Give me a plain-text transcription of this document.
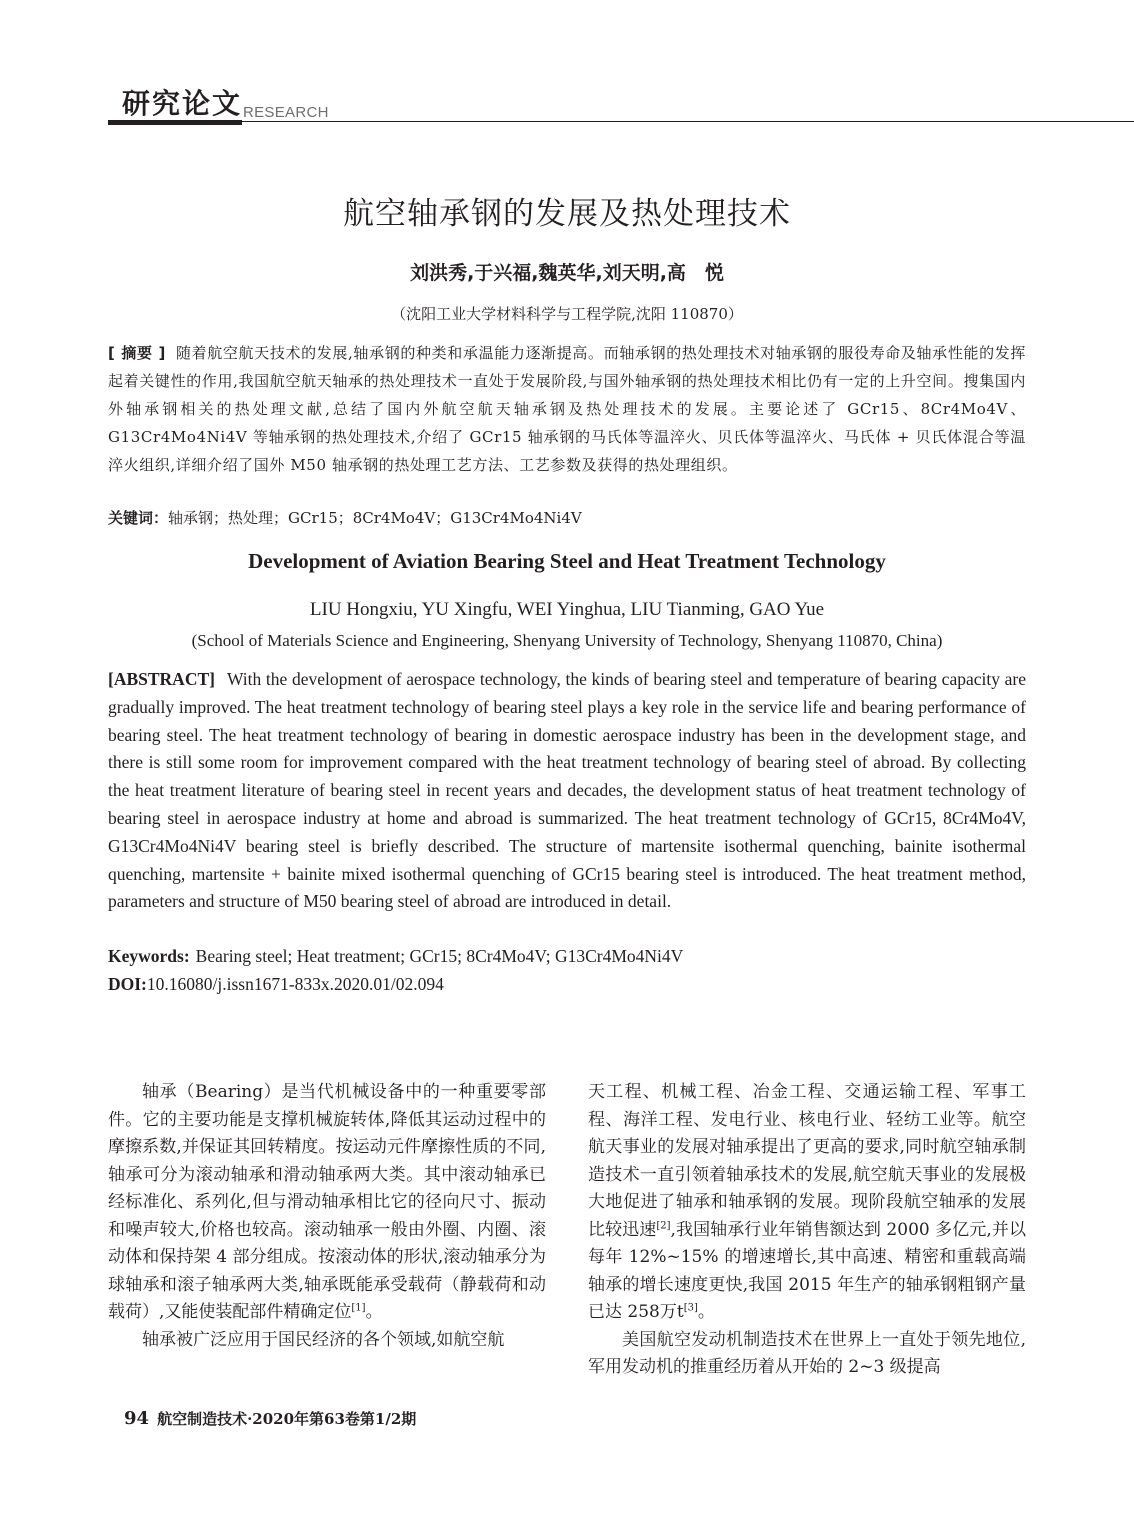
研究论文 RESEARCH
航空轴承钢的发展及热处理技术
刘洪秀,于兴福,魏英华,刘天明,高　悦
（沈阳工业大学材料科学与工程学院,沈阳 110870）
[ 摘要 ] 随着航空航天技术的发展,轴承钢的种类和承温能力逐渐提高。而轴承钢的热处理技术对轴承钢的服役寿命及轴承性能的发挥起着关键性的作用,我国航空航天轴承的热处理技术一直处于发展阶段,与国外轴承钢的热处理技术相比仍有一定的上升空间。搜集国内外轴承钢相关的热处理文献,总结了国内外航空航天轴承钢及热处理技术的发展。主要论述了 GCr15、8Cr4Mo4V、G13Cr4Mo4Ni4V 等轴承钢的热处理技术,介绍了 GCr15 轴承钢的马氏体等温淬火、贝氏体等温淬火、马氏体 + 贝氏体混合等温淬火组织,详细介绍了国外 M50 轴承钢的热处理工艺方法、工艺参数及获得的热处理组织。
关键词：轴承钢；热处理；GCr15；8Cr4Mo4V；G13Cr4Mo4Ni4V
Development of Aviation Bearing Steel and Heat Treatment Technology
LIU Hongxiu, YU Xingfu, WEI Yinghua, LIU Tianming, GAO Yue
(School of Materials Science and Engineering, Shenyang University of Technology, Shenyang 110870, China)
[ABSTRACT] With the development of aerospace technology, the kinds of bearing steel and temperature of bearing capacity are gradually improved. The heat treatment technology of bearing steel plays a key role in the service life and bearing performance of bearing steel. The heat treatment technology of bearing in domestic aerospace industry has been in the development stage, and there is still some room for improvement compared with the heat treatment technology of bearing steel of abroad. By collecting the heat treatment literature of bearing steel in recent years and decades, the development status of heat treatment technology of bearing steel in aerospace industry at home and abroad is summarized. The heat treatment technology of GCr15, 8Cr4Mo4V, G13Cr4Mo4Ni4V bearing steel is briefly described. The structure of martensite isothermal quenching, bainite isothermal quenching, martensite + bainite mixed isothermal quenching of GCr15 bearing steel is introduced. The heat treatment method, parameters and structure of M50 bearing steel of abroad are introduced in detail.
Keywords: Bearing steel; Heat treatment; GCr15; 8Cr4Mo4V; G13Cr4Mo4Ni4V
DOI:10.16080/j.issn1671-833x.2020.01/02.094

轴承（Bearing）是当代机械设备中的一种重要零部件。它的主要功能是支撑机械旋转体,降低其运动过程中的摩擦系数,并保证其回转精度。按运动元件摩擦性质的不同,轴承可分为滚动轴承和滑动轴承两大类。其中滚动轴承已经标准化、系列化,但与滑动轴承相比它的径向尺寸、振动和噪声较大,价格也较高。滚动轴承一般由外圈、内圈、滚动体和保持架 4 部分组成。按滚动体的形状,滚动轴承分为球轴承和滚子轴承两大类,轴承既能承受载荷（静载荷和动载荷）,又能使装配部件精确定位[1]。

轴承被广泛应用于国民经济的各个领域,如航空航

天工程、机械工程、冶金工程、交通运输工程、军事工程、海洋工程、发电行业、核电行业、轻纺工业等。航空航天事业的发展对轴承提出了更高的要求,同时航空轴承制造技术一直引领着轴承技术的发展,航空航天事业的发展极大地促进了轴承和轴承钢的发展。现阶段航空轴承的发展比较迅速[2],我国轴承行业年销售额达到 2000 多亿元,并以每年 12%~15% 的增速增长,其中高速、精密和重载高端轴承的增长速度更快,我国 2015 年生产的轴承钢粗钢产量已达 258万t[3]。

美国航空发动机制造技术在世界上一直处于领先地位,军用发动机的推重经历着从开始的 2~3 级提高

94 航空制造技术·2020年第63卷第1/2期
